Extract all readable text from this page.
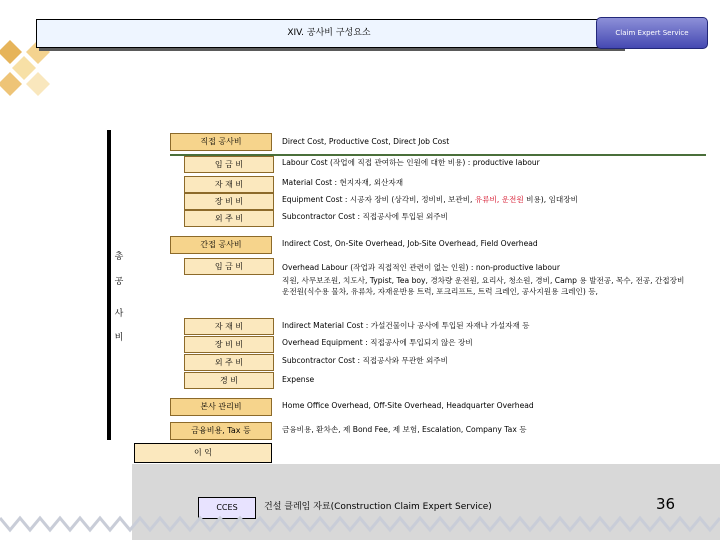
XIV. 공사비 구성요소	Claim Expert Service
총
공
사
비
직접 공사비	Direct Cost, Productive Cost, Direct Job Cost
임 금 비	Labour Cost (작업에 직접 관여하는 인원에 대한 비용) : productive labour
자 재 비	Material Cost : 현지자재, 외산자재
장 비 비	Equipment Cost : 시공자 장비 (상각비, 정비비, 보관비, 유류비, 운전원 비용), 임대장비
외 주 비	Subcontractor Cost : 직접공사에 투입된 외주비
간접 공사비	Indirect Cost, On-Site Overhead, Job-Site Overhead, Field Overhead
임 금 비	Overhead Labour (작업과 직접적인 관련이 없는 인원) : non-productive labour
직원, 사무보조원, 치도사, Typist, Tea boy, 경차량 운전원, 요리사, 청소원, 경비, Camp 용 발전공, 목수, 전공, 간접장비 운전원(식수용 물차, 유류차, 자재운반용 트럭, 포크리프트, 트럭 크레인, 공사지원용 크레인) 등,
자 재 비	Indirect Material Cost : 가설건물이나 공사에 투입된 자재나 가설자재 등
장 비 비	Overhead Equipment : 직접공사에 투입되지 않은 장비
외 주 비	Subcontractor Cost : 직접공사와 무관한 외주비
경 비	Expense
본사 관리비	Home Office Overhead, Off-Site Overhead, Headquarter Overhead
금융비용, Tax 등	금융비용, 환차손, 제 Bond Fee, 제 보험, Escalation, Company Tax 등
이 익
CCES	건설 클레임 자료(Construction Claim Expert Service)	36
